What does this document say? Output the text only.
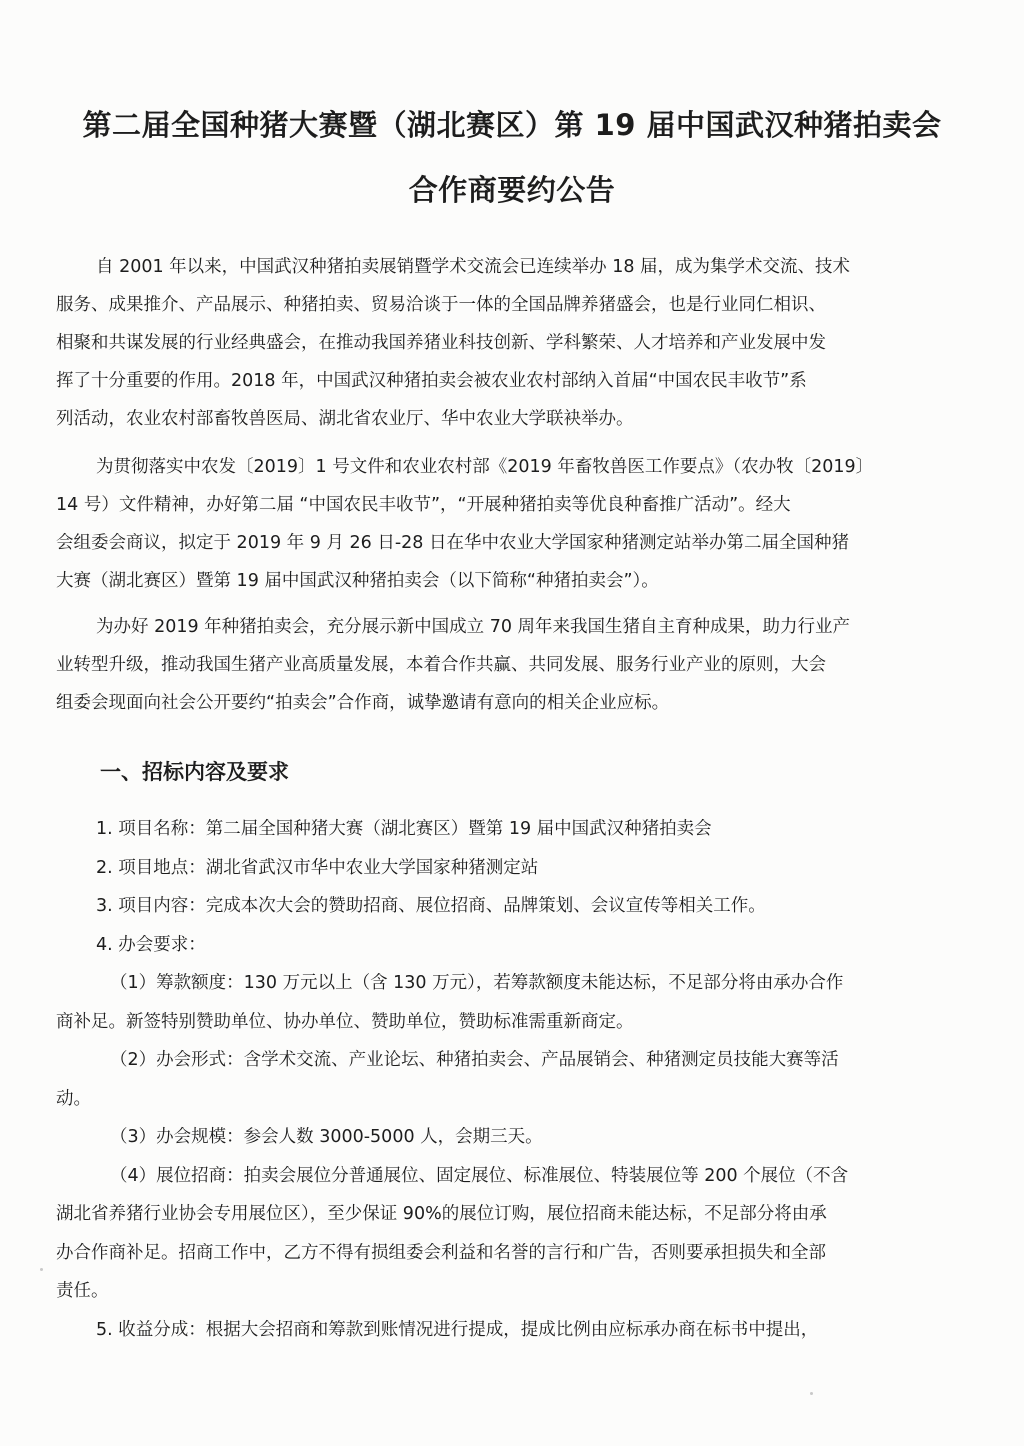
第二届全国种猪大赛暨（湖北赛区）第 19 届中国武汉种猪拍卖会
合作商要约公告
自 2001 年以来，中国武汉种猪拍卖展销暨学术交流会已连续举办 18 届，成为集学术交流、技术
服务、成果推介、产品展示、种猪拍卖、贸易洽谈于一体的全国品牌养猪盛会，也是行业同仁相识、
相聚和共谋发展的行业经典盛会，在推动我国养猪业科技创新、学科繁荣、人才培养和产业发展中发
挥了十分重要的作用。2018 年，中国武汉种猪拍卖会被农业农村部纳入首届“中国农民丰收节”系
列活动，农业农村部畜牧兽医局、湖北省农业厅、华中农业大学联袂举办。
为贯彻落实中农发〔2019〕1 号文件和农业农村部《2019 年畜牧兽医工作要点》（农办牧〔2019〕
14 号）文件精神，办好第二届 “中国农民丰收节”，“开展种猪拍卖等优良种畜推广活动”。经大
会组委会商议，拟定于 2019 年 9 月 26 日-28 日在华中农业大学国家种猪测定站举办第二届全国种猪
大赛（湖北赛区）暨第 19 届中国武汉种猪拍卖会（以下简称“种猪拍卖会”）。
为办好 2019 年种猪拍卖会，充分展示新中国成立 70 周年来我国生猪自主育种成果，助力行业产
业转型升级，推动我国生猪产业高质量发展，本着合作共赢、共同发展、服务行业产业的原则，大会
组委会现面向社会公开要约“拍卖会”合作商，诚挚邀请有意向的相关企业应标。
一、招标内容及要求
1. 项目名称：第二届全国种猪大赛（湖北赛区）暨第 19 届中国武汉种猪拍卖会
2. 项目地点：湖北省武汉市华中农业大学国家种猪测定站
3. 项目内容：完成本次大会的赞助招商、展位招商、品牌策划、会议宣传等相关工作。
4. 办会要求：
（1）筹款额度：130 万元以上（含 130 万元），若筹款额度未能达标，不足部分将由承办合作
商补足。新签特别赞助单位、协办单位、赞助单位，赞助标准需重新商定。
（2）办会形式：含学术交流、产业论坛、种猪拍卖会、产品展销会、种猪测定员技能大赛等活
动。
（3）办会规模：参会人数 3000-5000 人，会期三天。
（4）展位招商：拍卖会展位分普通展位、固定展位、标准展位、特装展位等 200 个展位（不含
湖北省养猪行业协会专用展位区），至少保证 90%的展位订购，展位招商未能达标，不足部分将由承
办合作商补足。招商工作中，乙方不得有损组委会利益和名誉的言行和广告，否则要承担损失和全部
责任。
5. 收益分成：根据大会招商和筹款到账情况进行提成，提成比例由应标承办商在标书中提出，
